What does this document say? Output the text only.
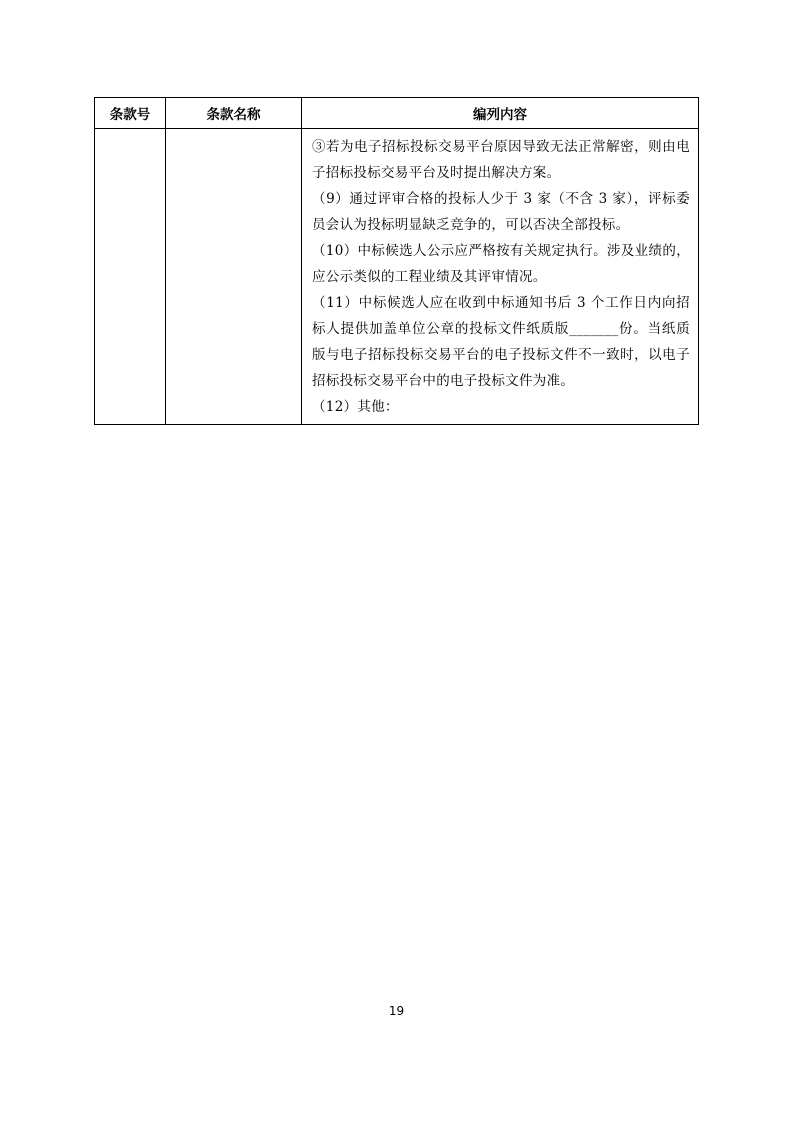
条款号	条款名称	编列内容

		③若为电子招标投标交易平台原因导致无法正常解密，则由电子招标投标交易平台及时提出解决方案。

（9）通过评审合格的投标人少于 3 家（不含 3 家），评标委员会认为投标明显缺乏竞争的，可以否决全部投标。

（10）中标候选人公示应严格按有关规定执行。涉及业绩的，应公示类似的工程业绩及其评审情况。

（11）中标候选人应在收到中标通知书后 3 个工作日内向招标人提供加盖单位公章的投标文件纸质版_______份。当纸质版与电子招标投标交易平台的电子投标文件不一致时，以电子招标投标交易平台中的电子投标文件为准。

（12）其他：

19
